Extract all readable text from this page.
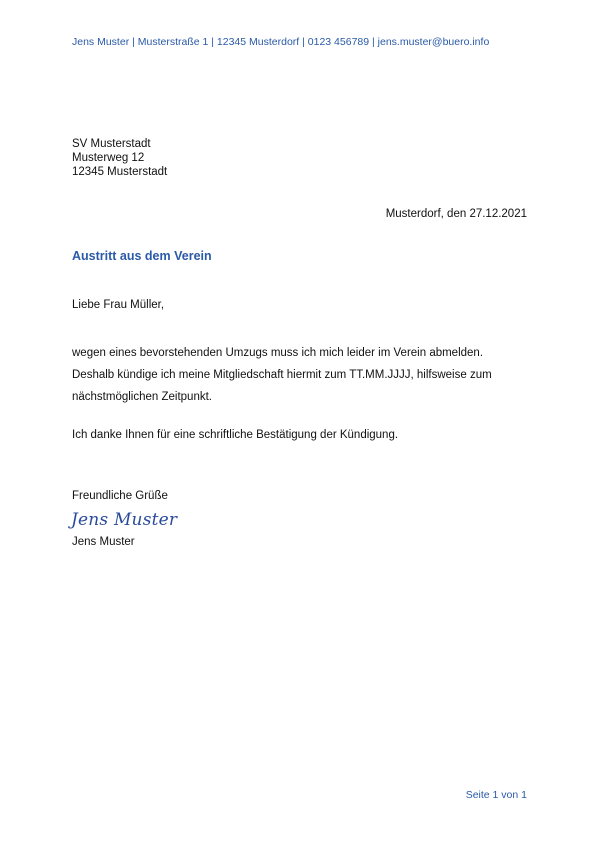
Jens Muster | Musterstraße 1 | 12345 Musterdorf | 0123 456789 | jens.muster@buero.info
SV Musterstadt
Musterweg 12
12345 Musterstadt
Musterdorf, den 27.12.2021
Austritt aus dem Verein
Liebe Frau Müller,
wegen eines bevorstehenden Umzugs muss ich mich leider im Verein abmelden.
Deshalb kündige ich meine Mitgliedschaft hiermit zum TT.MM.JJJJ, hilfsweise zum
nächstmöglichen Zeitpunkt.
Ich danke Ihnen für eine schriftliche Bestätigung der Kündigung.
Freundliche Grüße
Jens Muster
Jens Muster
Seite 1 von 1
